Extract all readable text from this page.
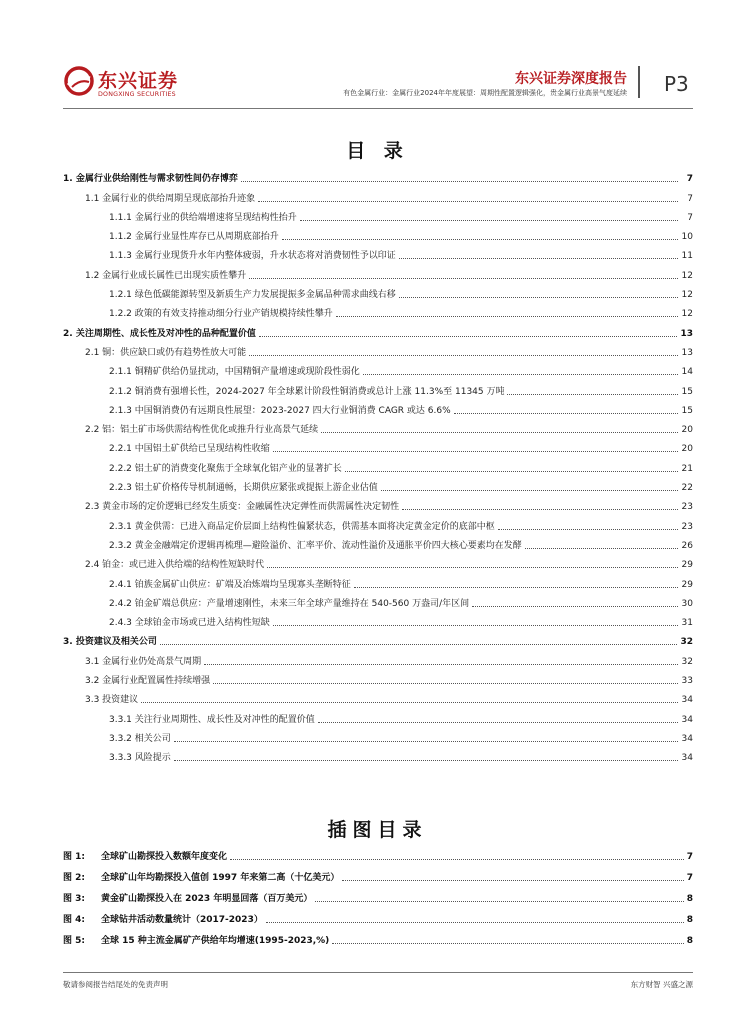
东兴证券
DONGXING SECURITIES
东兴证券深度报告
有色金属行业：金属行业2024年年度展望：周期性配置逻辑强化，贵金属行业高景气度延续 P3
目 录
1. 金属行业供给刚性与需求韧性间仍存博弈	7
1.1 金属行业的供给周期呈现底部抬升迹象	7
1.1.1 金属行业的供给端增速将呈现结构性抬升	7
1.1.2 金属行业显性库存已从周期底部抬升	10
1.1.3 金属行业现货升水年内整体疲弱，升水状态将对消费韧性予以印证	11
1.2 金属行业成长属性已出现实质性攀升	12
1.2.1 绿色低碳能源转型及新质生产力发展提振多金属品种需求曲线右移	12
1.2.2 政策的有效支持推动细分行业产销规模持续性攀升	12
2. 关注周期性、成长性及对冲性的品种配置价值	13
2.1 铜：供应缺口或仍有趋势性放大可能	13
2.1.1 铜精矿供给仍显扰动，中国精铜产量增速或现阶段性弱化	14
2.1.2 铜消费有强增长性，2024-2027 年全球累计阶段性铜消费或总计上涨 11.3%至 11345 万吨	15
2.1.3 中国铜消费仍有远期良性展望：2023-2027 四大行业铜消费 CAGR 或达 6.6%	15
2.2 铝：铝土矿市场供需结构性优化或推升行业高景气延续	20
2.2.1 中国铝土矿供给已呈现结构性收缩	20
2.2.2 铝土矿的消费变化聚焦于全球氧化铝产业的显著扩长	21
2.2.3 铝土矿价格传导机制通畅，长期供应紧张或提振上游企业估值	22
2.3 黄金市场的定价逻辑已经发生质变：金融属性决定弹性而供需属性决定韧性	23
2.3.1 黄金供需：已进入商品定价层面上结构性偏紧状态，供需基本面将决定黄金定价的底部中枢	23
2.3.2 黄金金融端定价逻辑再梳理—避险溢价、汇率平价、流动性溢价及通胀平价四大核心要素均在发酵	26
2.4 铂金：或已进入供给端的结构性短缺时代	29
2.4.1 铂族金属矿山供应：矿端及冶炼端均呈现寡头垄断特征	29
2.4.2 铂金矿端总供应：产量增速刚性，未来三年全球产量维持在 540-560 万盎司/年区间	30
2.4.3 全球铂金市场或已进入结构性短缺	31
3. 投资建议及相关公司	32
3.1 金属行业仍处高景气周期	32
3.2 金属行业配置属性持续增强	33
3.3 投资建议	34
3.3.1 关注行业周期性、成长性及对冲性的配置价值	34
3.3.2 相关公司	34
3.3.3 风险提示	34
插图目录
图 1:	全球矿山勘探投入数额年度变化	7
图 2:	全球矿山年均勘探投入值创 1997 年来第二高（十亿美元）	7
图 3:	黄金矿山勘探投入在 2023 年明显回落（百万美元）	8
图 4:	全球钻井活动数量统计（2017-2023）	8
图 5:	全球 15 种主流金属矿产供给年均增速(1995-2023,%)	8
敬请参阅报告结尾处的免责声明	东方财智 兴盛之源
